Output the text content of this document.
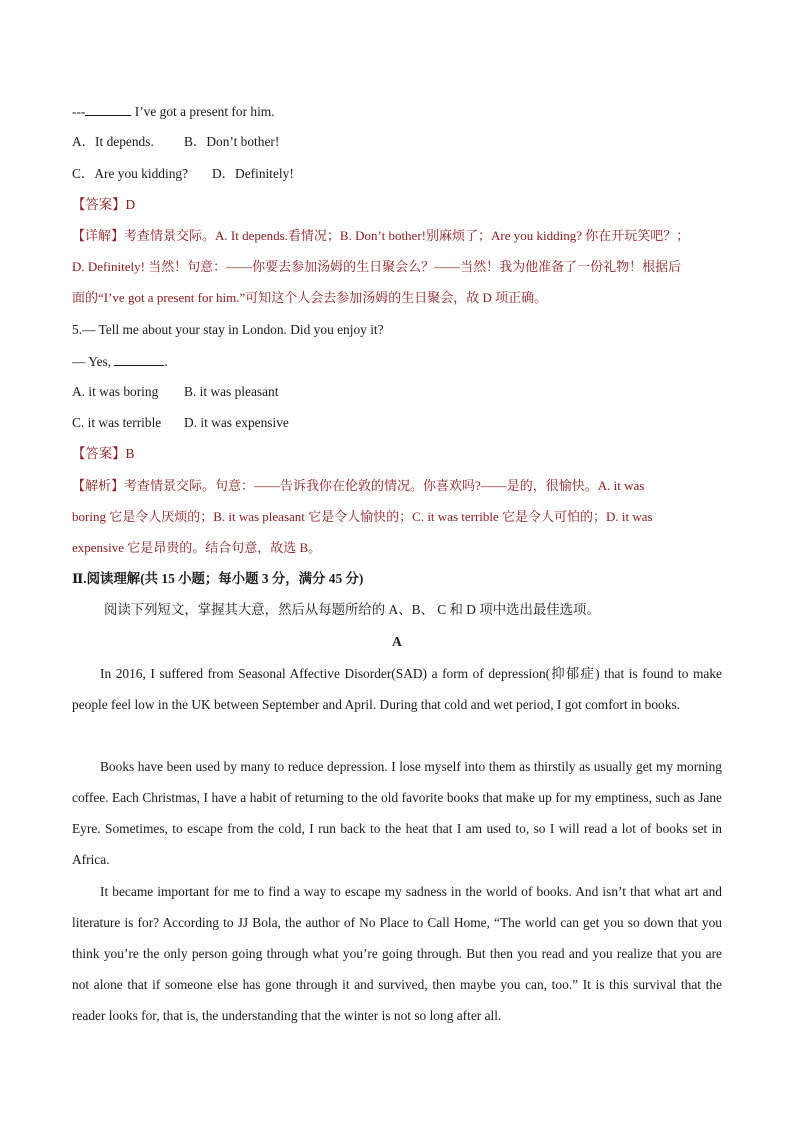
---	I’ve got a present for him.
A．It depends. B．Don’t bother!
C．Are you kidding? D．Definitely!
【答案】D
【详解】考查情景交际。A. It depends.看情况；B. Don’t bother!别麻烦了；Are you kidding? 你在开玩笑吧？；
D. Definitely! 当然！句意：——你要去参加汤姆的生日聚会么？——当然！我为他准备了一份礼物！根据后
面的“I’ve got a present for him.”可知这个人会去参加汤姆的生日聚会，故 D 项正确。
5.— Tell me about your stay in London. Did you enjoy it?
— Yes,	.
A. it was boring B. it was pleasant
C. it was terrible D. it was expensive
【答案】B
【解析】考查情景交际。句意：——告诉我你在伦敦的情况。你喜欢吗?——是的，很愉快。A. it was
boring 它是令人厌烦的；B. it was pleasant 它是令人愉快的；C. it was terrible 它是令人可怕的；D. it was
expensive 它是昂贵的。结合句意，故选 B。
Ⅱ.阅读理解(共 15 小题；每小题 3 分，满分 45 分)
阅读下列短文，掌握其大意，然后从每题所给的 A、B、 C 和 D 项中选出最佳选项。
A
In 2016, I suffered from Seasonal Affective Disorder(SAD) a form of depression(抑郁症) that is found to make people feel low in the UK between September and April. During that cold and wet period, I got comfort in books.
Books have been used by many to reduce depression. I lose myself into them as thirstily as usually get my morning coffee. Each Christmas, I have a habit of returning to the old favorite books that make up for my emptiness, such as Jane Eyre. Sometimes, to escape from the cold, I run back to the heat that I am used to, so I will read a lot of books set in Africa.
It became important for me to find a way to escape my sadness in the world of books. And isn’t that what art and literature is for? According to JJ Bola, the author of No Place to Call Home, “The world can get you so down that you think you’re the only person going through what you’re going through. But then you read and you realize that you are not alone that if someone else has gone through it and survived, then maybe you can, too.” It is this survival that the reader looks for, that is, the understanding that the winter is not so long after all.
